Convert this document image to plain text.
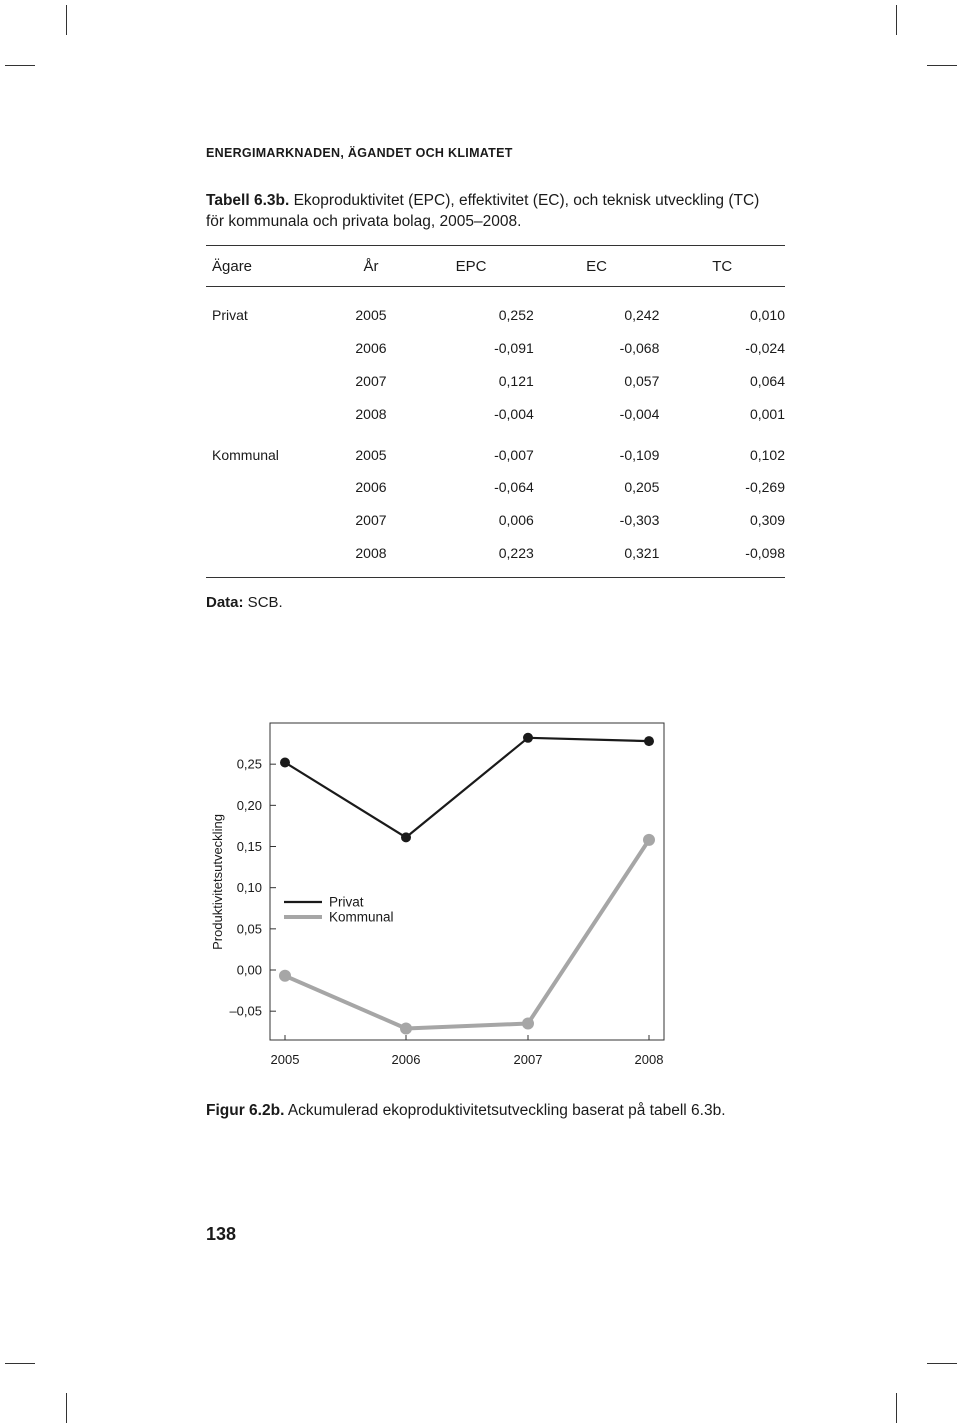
ENERGIMARKNADEN, ÄGANDET OCH KLIMATET
Tabell 6.3b. Ekoproduktivitet (EPC), effektivitet (EC), och teknisk utveckling (TC) för kommunala och privata bolag, 2005–2008.
Ägare	År	EPC	EC	TC
Privat	2005	0,252	0,242	0,010
	2006	-0,091	-0,068	-0,024
	2007	0,121	0,057	0,064
	2008	-0,004	-0,004	0,001
Kommunal	2005	-0,007	-0,109	0,102
	2006	-0,064	0,205	-0,269
	2007	0,006	-0,303	0,309
	2008	0,223	0,321	-0,098
Data: SCB.
Produktivitetsutveckling
0,25
0,20
0,15
0,10
0,05
0,00
–0,05
2005	2006	2007	2008
Privat
Kommunal
Figur 6.2b. Ackumulerad ekoproduktivitetsutveckling baserat på tabell 6.3b.
138
